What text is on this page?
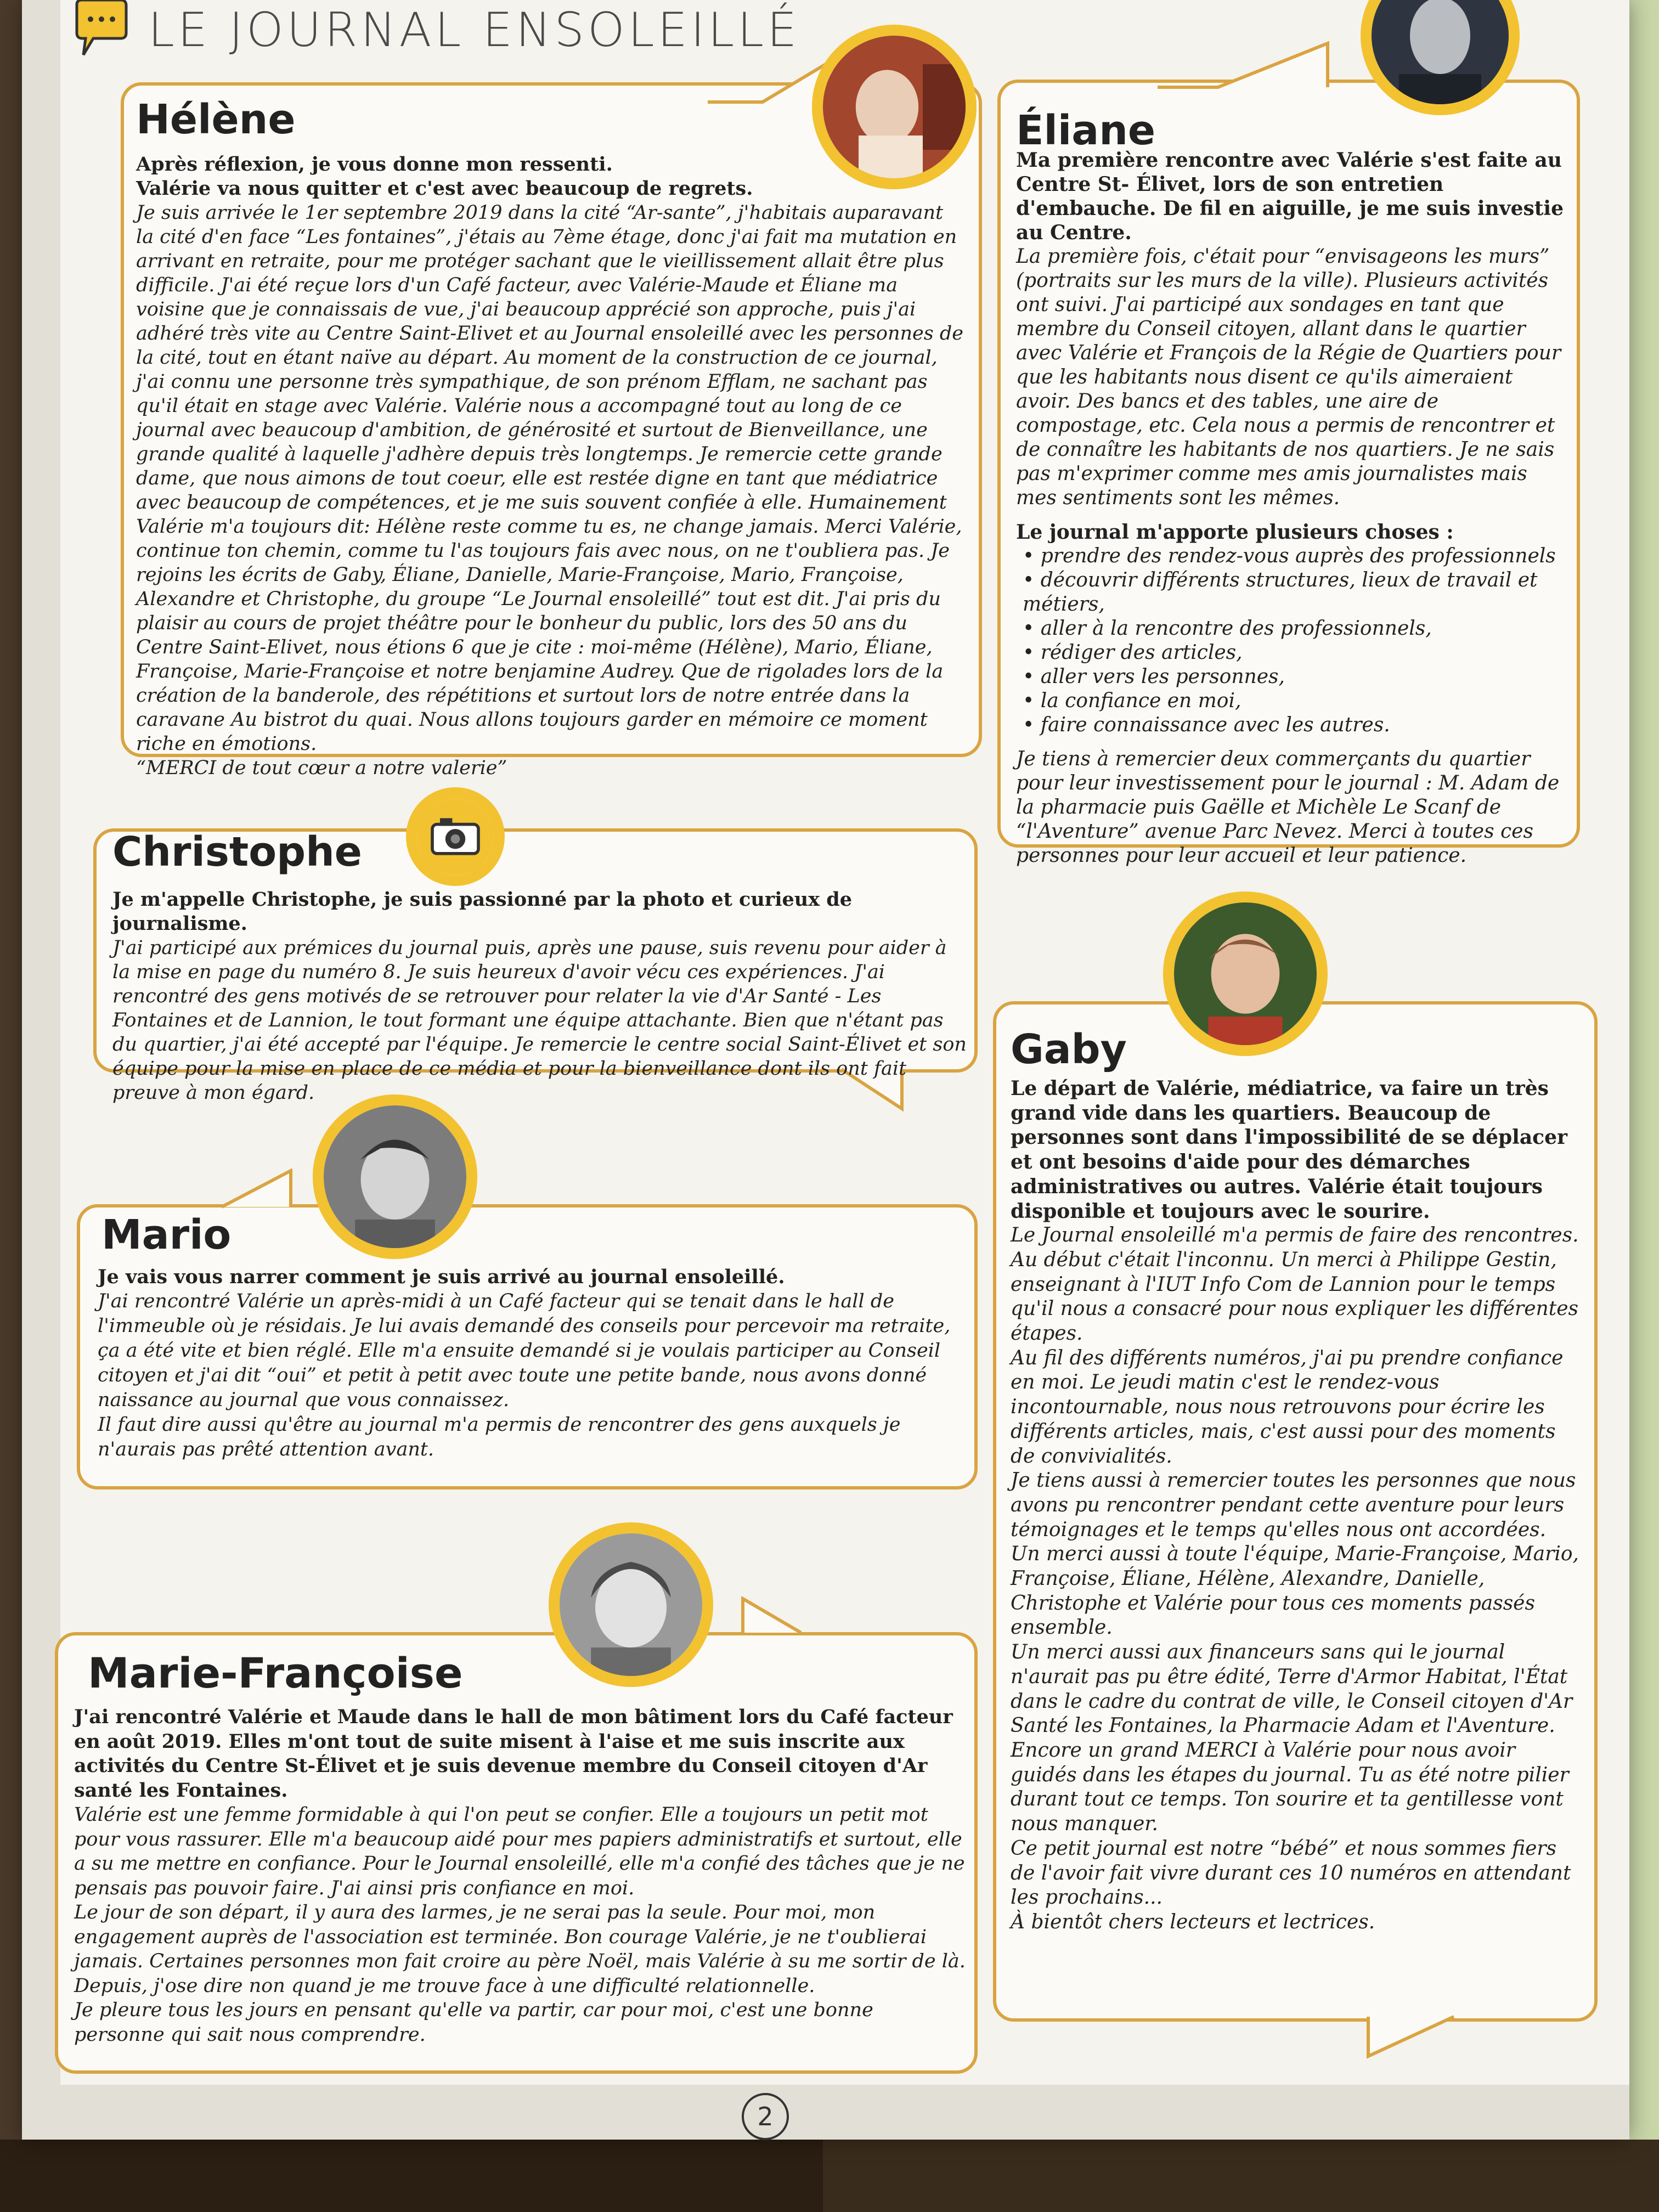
LE JOURNAL ENSOLEILLÉ
Hélène

Après réflexion, je vous donne mon ressenti.

Valérie va nous quitter et c'est avec beaucoup de regrets.

Je suis arrivée le 1er septembre 2019 dans la cité “Ar-sante”, j'habitais auparavant la cité d'en face “Les fontaines”, j'étais au 7ème étage, donc j'ai fait ma mutation en arrivant en retraite, pour me protéger sachant que le vieillissement allait être plus difficile. J'ai été reçue lors d'un Café facteur, avec Valérie-Maude et Éliane ma voisine que je connaissais de vue, j'ai beaucoup apprécié son approche, puis j'ai adhéré très vite au Centre Saint-Elivet et au Journal ensoleillé avec les personnes de la cité, tout en étant naïve au départ. Au moment de la construction de ce journal, j'ai connu une personne très sympathique, de son prénom Efflam, ne sachant pas qu'il était en stage avec Valérie. Valérie nous a accompagné tout au long de ce journal avec beaucoup d'ambition, de générosité et surtout de Bienveillance, une grande qualité à laquelle j'adhère depuis très longtemps. Je remercie cette grande dame, que nous aimons de tout coeur, elle est restée digne en tant que médiatrice avec beaucoup de compétences, et je me suis souvent confiée à elle. Humainement Valérie m'a toujours dit: Hélène reste comme tu es, ne change jamais. Merci Valérie, continue ton chemin, comme tu l'as toujours fais avec nous, on ne t'oubliera pas. Je rejoins les écrits de Gaby, Éliane, Danielle, Marie-Françoise, Mario, Françoise, Alexandre et Christophe, du groupe “Le Journal ensoleillé” tout est dit. J'ai pris du plaisir au cours de projet théâtre pour le bonheur du public, lors des 50 ans du Centre Saint-Elivet, nous étions 6 que je cite : moi-même (Hélène), Mario, Éliane, Françoise, Marie-Françoise et notre benjamine Audrey. Que de rigolades lors de la création de la banderole, des répétitions et surtout lors de notre entrée dans la caravane Au bistrot du quai. Nous allons toujours garder en mémoire ce moment riche en émotions.

“MERCI de tout cœur a notre valerie”

Éliane

Ma première rencontre avec Valérie s'est faite au Centre St- Élivet, lors de son entretien d'embauche. De fil en aiguille, je me suis investie au Centre.

La première fois, c'était pour “envisageons les murs” (portraits sur les murs de la ville). Plusieurs activités ont suivi. J'ai participé aux sondages en tant que membre du Conseil citoyen, allant dans le quartier avec Valérie et François de la Régie de Quartiers pour que les habitants nous disent ce qu'ils aimeraient avoir. Des bancs et des tables, une aire de compostage, etc. Cela nous a permis de rencontrer et de connaître les habitants de nos quartiers. Je ne sais pas m'exprimer comme mes amis journalistes mais mes sentiments sont les mêmes.

Le journal m'apporte plusieurs choses :

• prendre des rendez-vous auprès des professionnels
• découvrir différents structures, lieux de travail et métiers,
• aller à la rencontre des professionnels,
• rédiger des articles,
• aller vers les personnes,
• la confiance en moi,
• faire connaissance avec les autres.

Je tiens à remercier deux commerçants du quartier pour leur investissement pour le journal : M. Adam de la pharmacie puis Gaëlle et Michèle Le Scanf de “l'Aventure” avenue Parc Nevez. Merci à toutes ces personnes pour leur accueil et leur patience.

Christophe

Je m'appelle Christophe, je suis passionné par la photo et curieux de journalisme.

J'ai participé aux prémices du journal puis, après une pause, suis revenu pour aider à la mise en page du numéro 8. Je suis heureux d'avoir vécu ces expériences. J'ai rencontré des gens motivés de se retrouver pour relater la vie d'Ar Santé - Les Fontaines et de Lannion, le tout formant une équipe attachante. Bien que n'étant pas du quartier, j'ai été accepté par l'équipe. Je remercie le centre social Saint-Élivet et son équipe pour la mise en place de ce média et pour la bienveillance dont ils ont fait preuve à mon égard.

Mario

Je vais vous narrer comment je suis arrivé au journal ensoleillé.

J'ai rencontré Valérie un après-midi à un Café facteur qui se tenait dans le hall de l'immeuble où je résidais. Je lui avais demandé des conseils pour percevoir ma retraite, ça a été vite et bien réglé. Elle m'a ensuite demandé si je voulais participer au Conseil citoyen et j'ai dit “oui” et petit à petit avec toute une petite bande, nous avons donné naissance au journal que vous connaissez.

Il faut dire aussi qu'être au journal m'a permis de rencontrer des gens auxquels je n'aurais pas prêté attention avant.

Gaby

Le départ de Valérie, médiatrice, va faire un très grand vide dans les quartiers. Beaucoup de personnes sont dans l'impossibilité de se déplacer et ont besoins d'aide pour des démarches administratives ou autres. Valérie était toujours disponible et toujours avec le sourire.

Le Journal ensoleillé m'a permis de faire des rencontres. Au début c'était l'inconnu. Un merci à Philippe Gestin, enseignant à l'IUT Info Com de Lannion pour le temps qu'il nous a consacré pour nous expliquer les différentes étapes.

Au fil des différents numéros, j'ai pu prendre confiance en moi. Le jeudi matin c'est le rendez-vous incontournable, nous nous retrouvons pour écrire les différents articles, mais, c'est aussi pour des moments de convivialités.

Je tiens aussi à remercier toutes les personnes que nous avons pu rencontrer pendant cette aventure pour leurs témoignages et le temps qu'elles nous ont accordées.

Un merci aussi à toute l'équipe, Marie-Françoise, Mario, Françoise, Éliane, Hélène, Alexandre, Danielle, Christophe et Valérie pour tous ces moments passés ensemble.

Un merci aussi aux financeurs sans qui le journal n'aurait pas pu être édité, Terre d'Armor Habitat, l'État dans le cadre du contrat de ville, le Conseil citoyen d'Ar Santé les Fontaines, la Pharmacie Adam et l'Aventure.

Encore un grand MERCI à Valérie pour nous avoir guidés dans les étapes du journal. Tu as été notre pilier durant tout ce temps. Ton sourire et ta gentillesse vont nous manquer.

Ce petit journal est notre “bébé” et nous sommes fiers de l'avoir fait vivre durant ces 10 numéros en attendant les prochains...

À bientôt chers lecteurs et lectrices.

Marie-Françoise

J'ai rencontré Valérie et Maude dans le hall de mon bâtiment lors du Café facteur en août 2019. Elles m'ont tout de suite misent à l'aise et me suis inscrite aux activités du Centre St-Élivet et je suis devenue membre du Conseil citoyen d'Ar santé les Fontaines.

Valérie est une femme formidable à qui l'on peut se confier. Elle a toujours un petit mot pour vous rassurer. Elle m'a beaucoup aidé pour mes papiers administratifs et surtout, elle a su me mettre en confiance. Pour le Journal ensoleillé, elle m'a confié des tâches que je ne pensais pas pouvoir faire. J'ai ainsi pris confiance en moi.

Le jour de son départ, il y aura des larmes, je ne serai pas la seule. Pour moi, mon engagement auprès de l'association est terminée. Bon courage Valérie, je ne t'oublierai jamais. Certaines personnes mon fait croire au père Noël, mais Valérie à su me sortir de là. Depuis, j'ose dire non quand je me trouve face à une difficulté relationnelle.

Je pleure tous les jours en pensant qu'elle va partir, car pour moi, c'est une bonne personne qui sait nous comprendre.

2
